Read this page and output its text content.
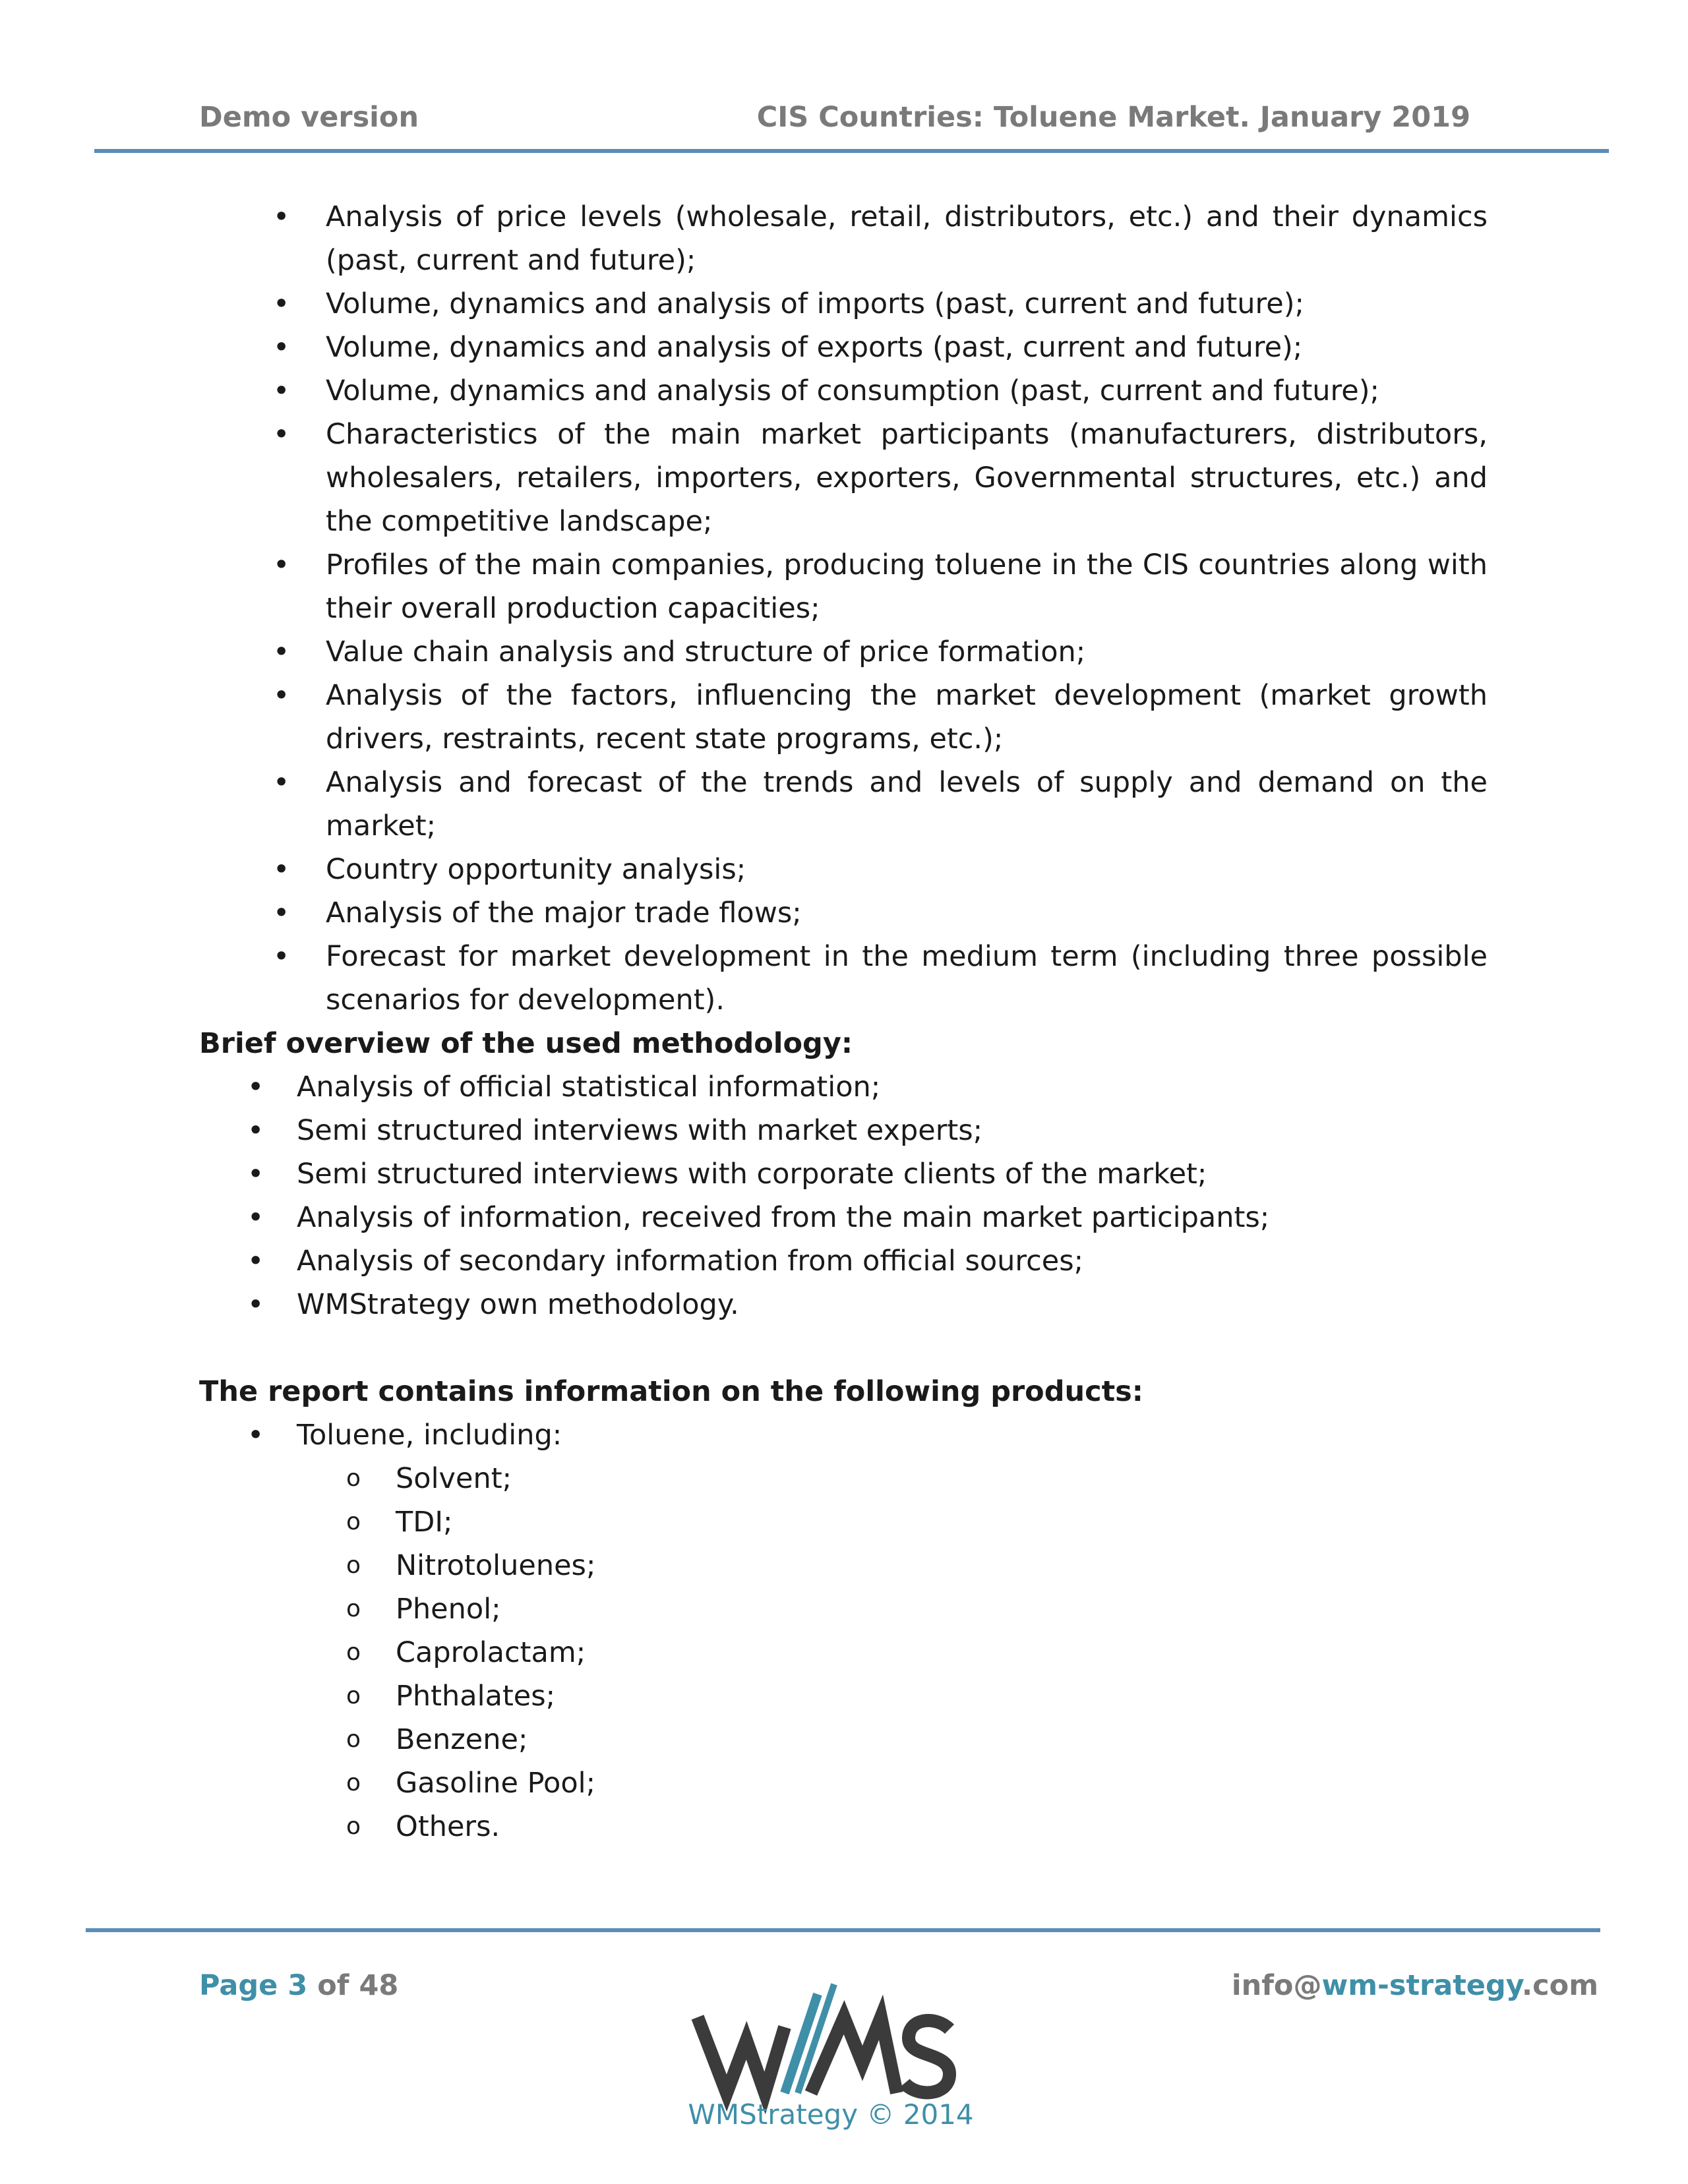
Demo version	CIS Countries: Toluene Market. January 2019
• Analysis of price levels (wholesale, retail, distributors, etc.) and their dynamics (past, current and future);
• Volume, dynamics and analysis of imports (past, current and future);
• Volume, dynamics and analysis of exports (past, current and future);
• Volume, dynamics and analysis of consumption (past, current and future);
• Characteristics of the main market participants (manufacturers, distributors, wholesalers, retailers, importers, exporters, Governmental structures, etc.) and the competitive landscape;
• Profiles of the main companies, producing toluene in the CIS countries along with their overall production capacities;
• Value chain analysis and structure of price formation;
• Analysis of the factors, influencing the market development (market growth drivers, restraints, recent state programs, etc.);
• Analysis and forecast of the trends and levels of supply and demand on the market;
• Country opportunity analysis;
• Analysis of the major trade flows;
• Forecast for market development in the medium term (including three possible scenarios for development).
Brief overview of the used methodology:
• Analysis of official statistical information;
• Semi structured interviews with market experts;
• Semi structured interviews with corporate clients of the market;
• Analysis of information, received from the main market participants;
• Analysis of secondary information from official sources;
• WMStrategy own methodology.
The report contains information on the following products:
• Toluene, including:
o Solvent;
o TDI;
o Nitrotoluenes;
o Phenol;
o Caprolactam;
o Phthalates;
o Benzene;
o Gasoline Pool;
o Others.
Page 3 of 48	info@wm-strategy.com
WMStrategy © 2014
